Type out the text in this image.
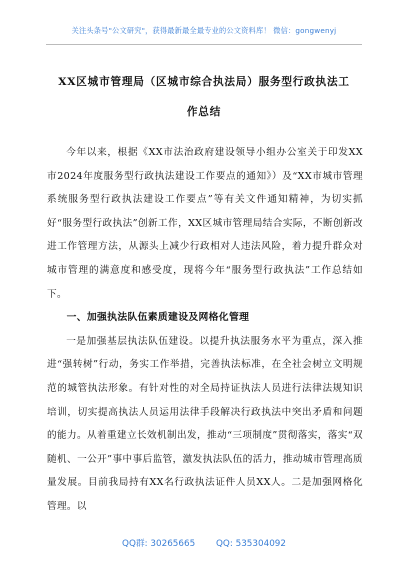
关注头条号"公文研究"，获得最新最全最专业的公文资料库！ 微信：gongwenyj
XX区城市管理局（区城市综合执法局）服务型行政执法工
作总结

今年以来，根据《XX市法治政府建设领导小组办公室关于印发XX市2024年度服务型行政执法建设工作要点的通知》）及“XX市城市管理系统服务型行政执法建设工作要点”等有关文件通知精神，为切实抓好“服务型行政执法”创新工作，XX区城市管理局结合实际，不断创新改进工作管理方法，从源头上减少行政相对人违法风险，着力提升群众对城市管理的满意度和感受度，现将今年“服务型行政执法”工作总结如下。

一、加强执法队伍素质建设及网格化管理

一是加强基层执法队伍建设。以提升执法服务水平为重点，深入推进“强转树”行动，务实工作举措，完善执法标准，在全社会树立文明规范的城管执法形象。有针对性的对全局持证执法人员进行法律法规知识培训，切实提高执法人员运用法律手段解决行政执法中突出矛盾和问题的能力。从着重建立长效机制出发，推动“三项制度”贯彻落实，落实“双随机、一公开”事中事后监管，激发执法队伍的活力，推动城市管理高质量发展。目前我局持有XX名行政执法证件人员XX人。二是加强网格化管理。以

QQ群: 30265665 QQ: 535304092
